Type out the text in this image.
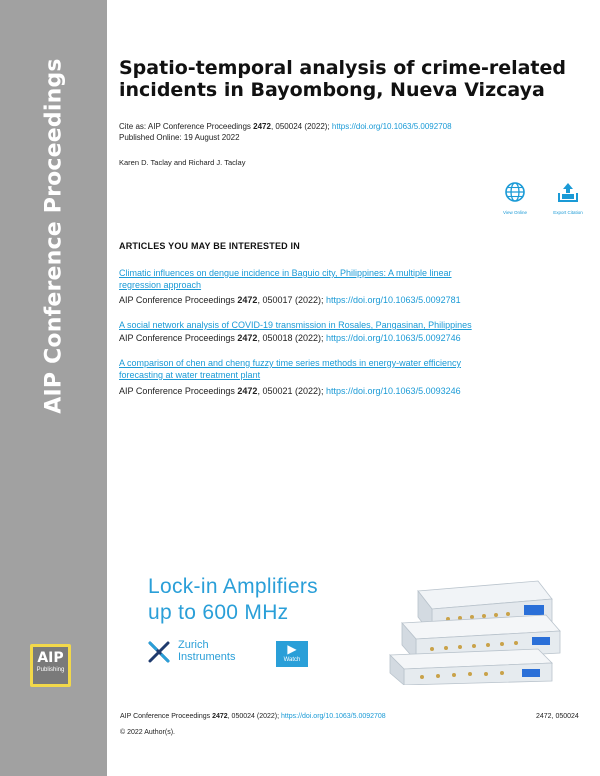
AIP Conference Proceedings
AIP
Publishing
Spatio-temporal analysis of crime-related
incidents in Bayombong, Nueva Vizcaya
Cite as: AIP Conference Proceedings 2472, 050024 (2022); https://doi.org/10.1063/5.0092708
Published Online: 19 August 2022
Karen D. Taclay and Richard J. Taclay
View Online	Export Citation
ARTICLES YOU MAY BE INTERESTED IN
Climatic influences on dengue incidence in Baguio city, Philippines: A multiple linear
regression approach
AIP Conference Proceedings 2472, 050017 (2022); https://doi.org/10.1063/5.0092781
A social network analysis of COVID-19 transmission in Rosales, Pangasinan, Philippines
AIP Conference Proceedings 2472, 050018 (2022); https://doi.org/10.1063/5.0092746
A comparison of chen and cheng fuzzy time series methods in energy-water efficiency
forecasting at water treatment plant
AIP Conference Proceedings 2472, 050021 (2022); https://doi.org/10.1063/5.0093246
Lock-in Amplifiers
up to 600 MHz
Zurich
Instruments
▶
Watch
AIP Conference Proceedings 2472, 050024 (2022); https://doi.org/10.1063/5.0092708	2472, 050024
© 2022 Author(s).
